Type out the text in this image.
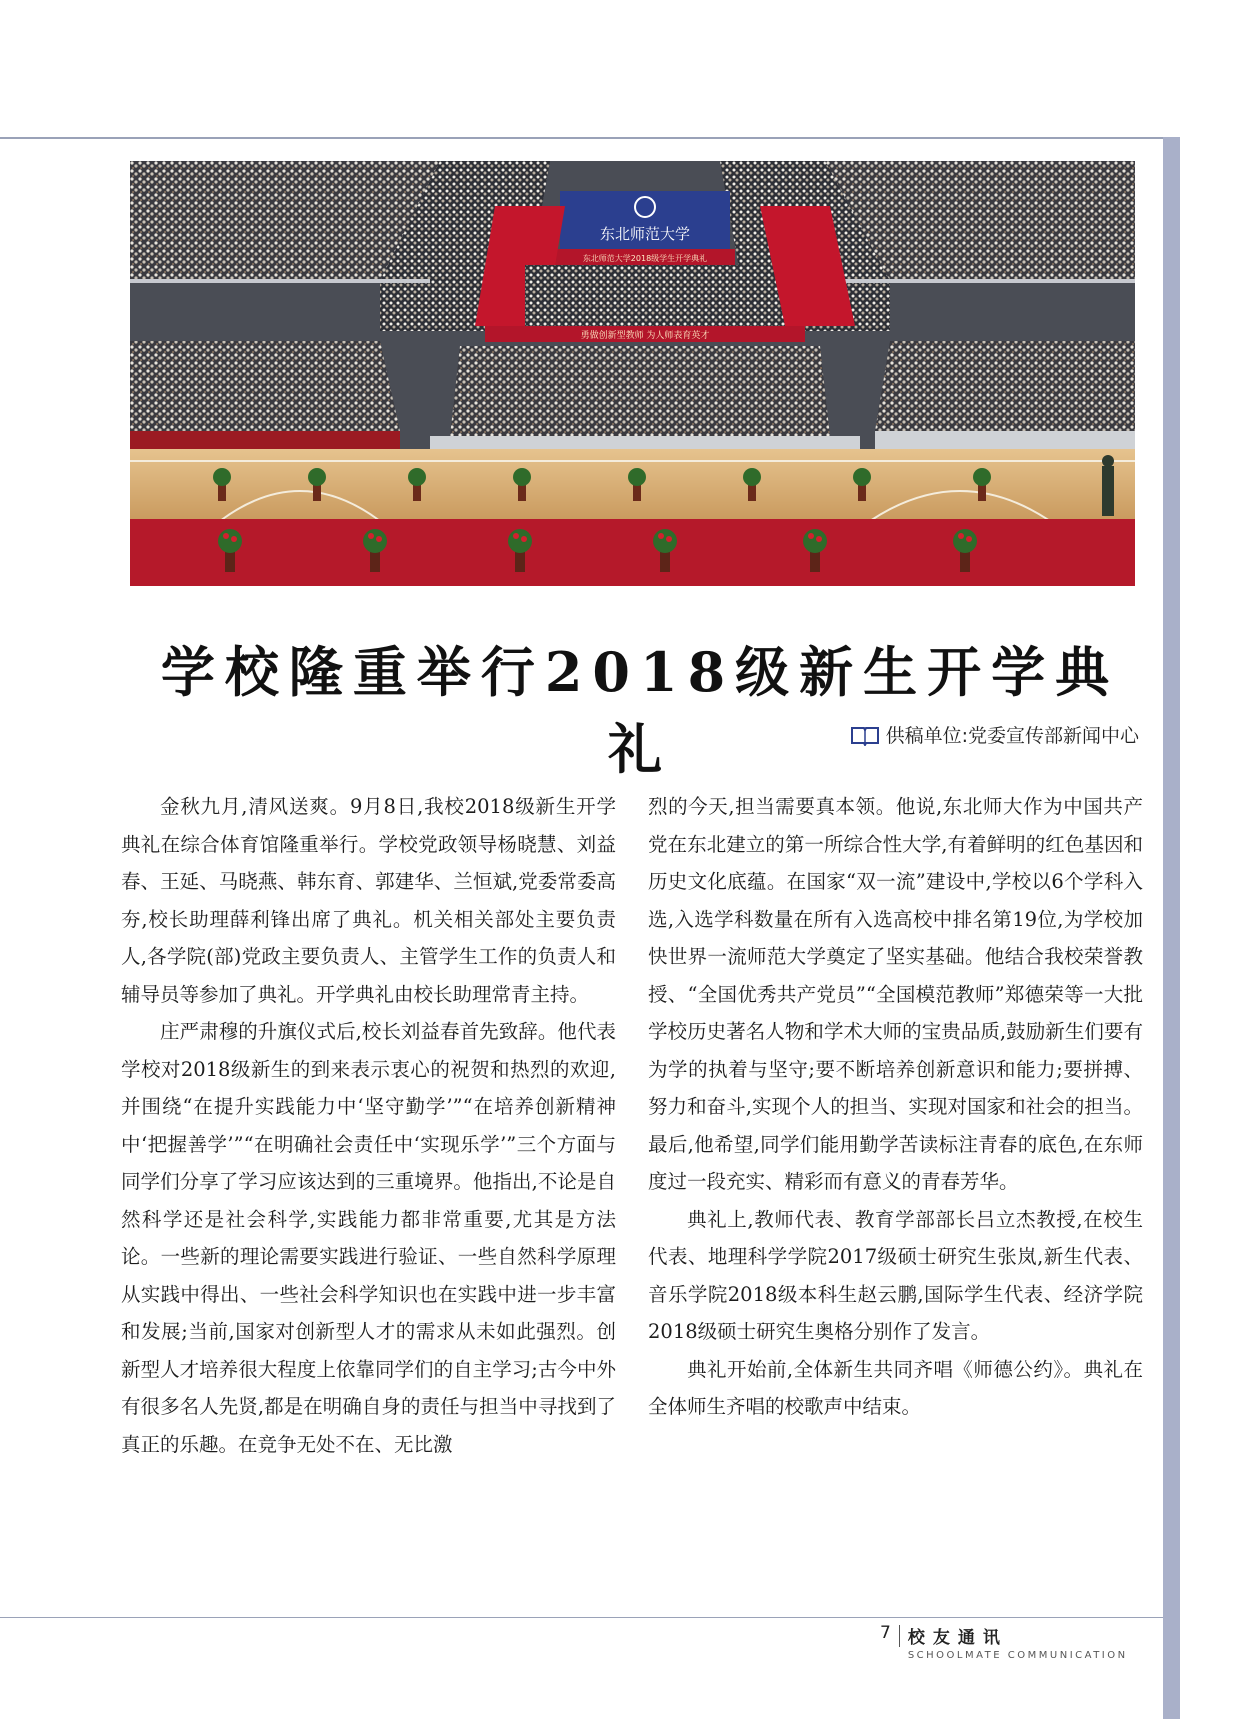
东北师范大学
东北师范大学2018级学生开学典礼
勇做创新型教师 为人师表育英才
学校隆重举行2018级新生开学典礼	供稿单位:党委宣传部新闻中心

金秋九月,清风送爽。9月8日,我校2018级新生开学典礼在综合体育馆隆重举行。学校党政领导杨晓慧、刘益春、王延、马晓燕、韩东育、郭建华、兰恒斌,党委常委高夯,校长助理薛利锋出席了典礼。机关相关部处主要负责人,各学院(部)党政主要负责人、主管学生工作的负责人和辅导员等参加了典礼。开学典礼由校长助理常青主持。

庄严肃穆的升旗仪式后,校长刘益春首先致辞。他代表学校对2018级新生的到来表示衷心的祝贺和热烈的欢迎,并围绕“在提升实践能力中‘坚守勤学’”“在培养创新精神中‘把握善学’”“在明确社会责任中‘实现乐学’”三个方面与同学们分享了学习应该达到的三重境界。他指出,不论是自然科学还是社会科学,实践能力都非常重要,尤其是方法论。一些新的理论需要实践进行验证、一些自然科学原理从实践中得出、一些社会科学知识也在实践中进一步丰富和发展;当前,国家对创新型人才的需求从未如此强烈。创新型人才培养很大程度上依靠同学们的自主学习;古今中外有很多名人先贤,都是在明确自身的责任与担当中寻找到了真正的乐趣。在竞争无处不在、无比激

烈的今天,担当需要真本领。他说,东北师大作为中国共产党在东北建立的第一所综合性大学,有着鲜明的红色基因和历史文化底蕴。在国家“双一流”建设中,学校以6个学科入选,入选学科数量在所有入选高校中排名第19位,为学校加快世界一流师范大学奠定了坚实基础。他结合我校荣誉教授、“全国优秀共产党员”“全国模范教师”郑德荣等一大批学校历史著名人物和学术大师的宝贵品质,鼓励新生们要有为学的执着与坚守;要不断培养创新意识和能力;要拼搏、努力和奋斗,实现个人的担当、实现对国家和社会的担当。最后,他希望,同学们能用勤学苦读标注青春的底色,在东师度过一段充实、精彩而有意义的青春芳华。

典礼上,教师代表、教育学部部长吕立杰教授,在校生代表、地理科学学院2017级硕士研究生张岚,新生代表、音乐学院2018级本科生赵云鹏,国际学生代表、经济学院2018级硕士研究生奥格分别作了发言。

典礼开始前,全体新生共同齐唱《师德公约》。典礼在全体师生齐唱的校歌声中结束。

7 校友通讯
SCHOOLMATE COMMUNICATION
